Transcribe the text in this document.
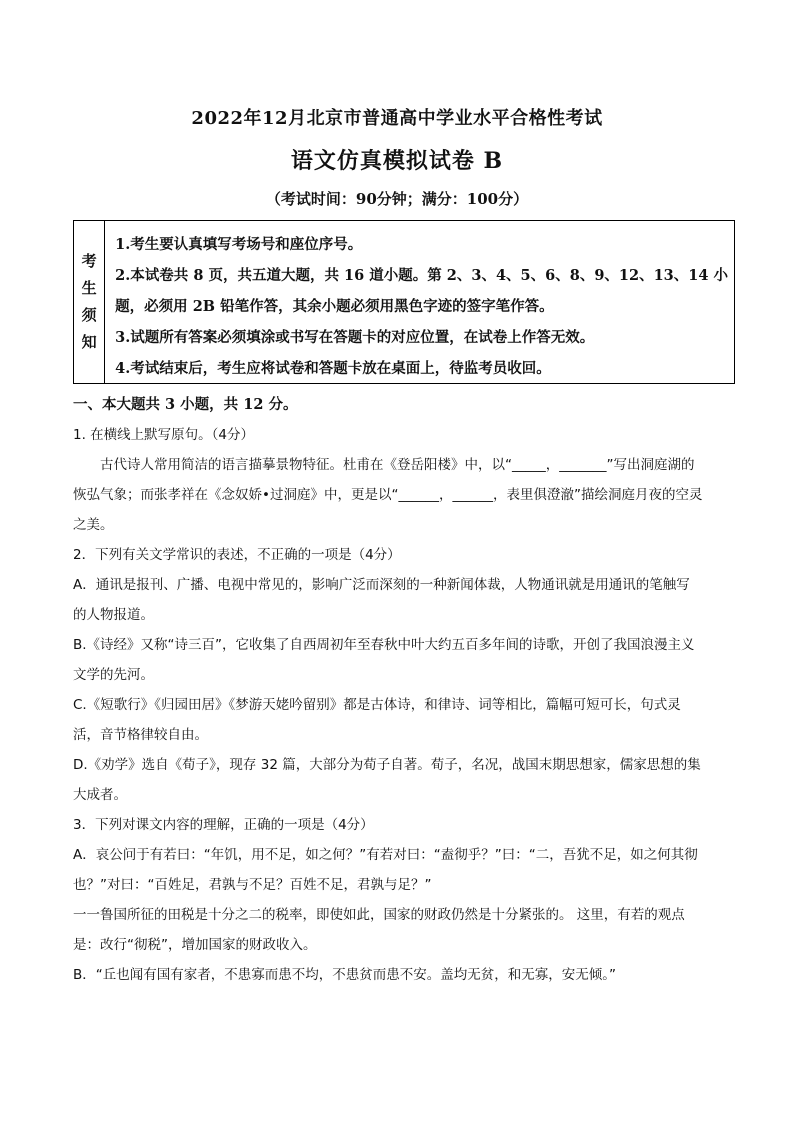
2022年12月北京市普通高中学业水平合格性考试
语文仿真模拟试卷 B
（考试时间：90分钟；满分：100分）
考
生
须
知
1.考生要认真填写考场号和座位序号。
2.本试卷共 8 页，共五道大题，共 16 道小题。第 2、3、4、5、6、8、9、12、13、14 小
题，必须用 2B 铅笔作答，其余小题必须用黑色字迹的签字笔作答。
3.试题所有答案必须填涂或书写在答题卡的对应位置，在试卷上作答无效。
4.考试结束后，考生应将试卷和答题卡放在桌面上，待监考员收回。

一、本大题共 3 小题，共 12 分。

1. 在横线上默写原句。（4分）

古代诗人常用简洁的语言描摹景物特征。杜甫在《登岳阳楼》中，以“_____，_______”写出洞庭湖的

恢弘气象；而张孝祥在《念奴娇•过洞庭》中，更是以“______，______，表里俱澄澈”描绘洞庭月夜的空灵

之美。

2．下列有关文学常识的表述，不正确的一项是（4分）

A．通讯是报刊、广播、电视中常见的，影响广泛而深刻的一种新闻体裁，人物通讯就是用通讯的笔触写

的人物报道。

B.《诗经》又称“诗三百”，它收集了自西周初年至春秋中叶大约五百多年间的诗歌，开创了我国浪漫主义

文学的先河。

C.《短歌行》《归园田居》《梦游天姥吟留别》都是古体诗，和律诗、词等相比，篇幅可短可长，句式灵

活，音节格律较自由。

D.《劝学》选自《荀子》，现存 32 篇，大部分为荀子自著。荀子，名况，战国末期思想家，儒家思想的集

大成者。

3．下列对课文内容的理解，正确的一项是（4分）

A．哀公问于有若曰：“年饥，用不足，如之何？”有若对曰：“盍彻乎？”曰：“二，吾犹不足，如之何其彻

也？”对曰：“百姓足，君孰与不足？百姓不足，君孰与足？”

一一鲁国所征的田税是十分之二的税率，即使如此，国家的财政仍然是十分紧张的。 这里，有若的观点

是：改行“彻税”，增加国家的财政收入。

B．“丘也闻有国有家者，不患寡而患不均，不患贫而患不安。盖均无贫，和无寡，安无倾。”
